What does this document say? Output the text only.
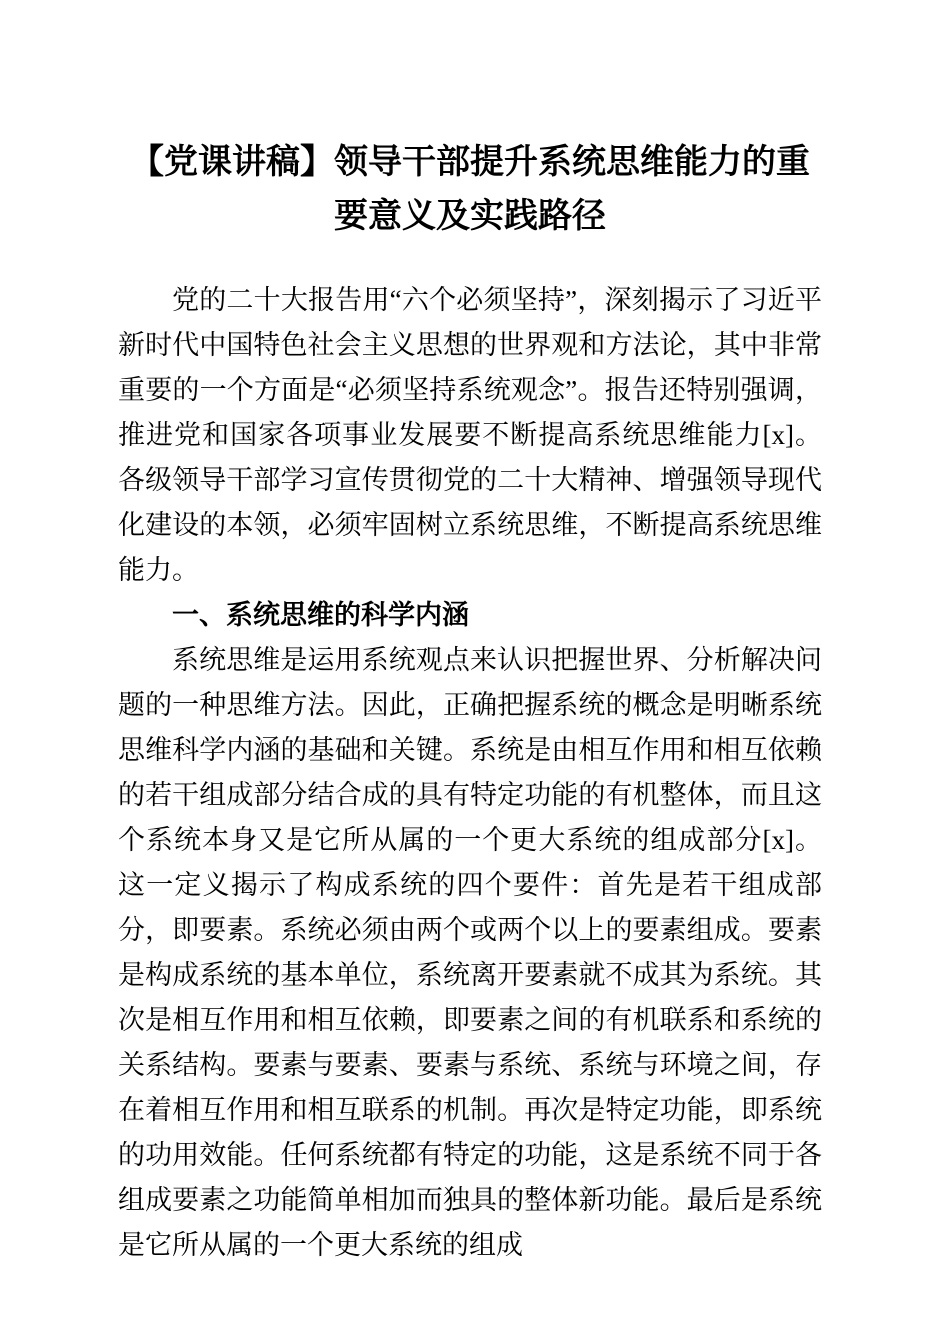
【党课讲稿】领导干部提升系统思维能力的重要意义及实践路径

党的二十大报告用“六个必须坚持”，深刻揭示了习近平新时代中国特色社会主义思想的世界观和方法论，其中非常重要的一个方面是“必须坚持系统观念”。报告还特别强调，推进党和国家各项事业发展要不断提高系统思维能力[x]。各级领导干部学习宣传贯彻党的二十大精神、增强领导现代化建设的本领，必须牢固树立系统思维，不断提高系统思维能力。

一、系统思维的科学内涵

系统思维是运用系统观点来认识把握世界、分析解决问题的一种思维方法。因此，正确把握系统的概念是明晰系统思维科学内涵的基础和关键。系统是由相互作用和相互依赖的若干组成部分结合成的具有特定功能的有机整体，而且这个系统本身又是它所从属的一个更大系统的组成部分[x]。这一定义揭示了构成系统的四个要件：首先是若干组成部分，即要素。系统必须由两个或两个以上的要素组成。要素是构成系统的基本单位，系统离开要素就不成其为系统。其次是相互作用和相互依赖，即要素之间的有机联系和系统的关系结构。要素与要素、要素与系统、系统与环境之间，存在着相互作用和相互联系的机制。再次是特定功能，即系统的功用效能。任何系统都有特定的功能，这是系统不同于各组成要素之功能简单相加而独具的整体新功能。最后是系统是它所从属的一个更大系统的组成
